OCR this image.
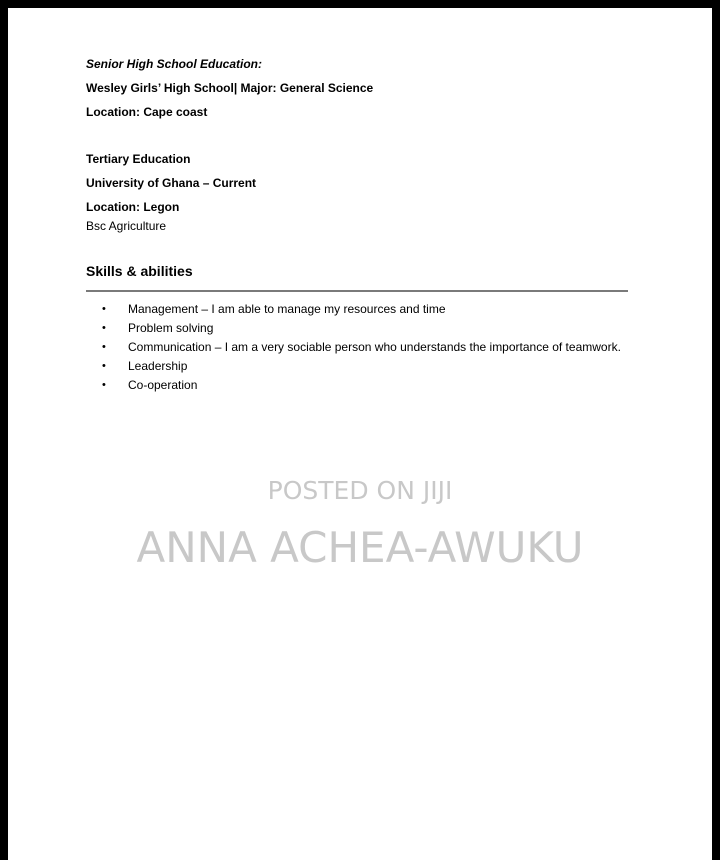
Senior High School Education:
Wesley Girls’ High School| Major: General Science
Location: Cape coast
Tertiary Education
University of Ghana – Current
Location: Legon
Bsc Agriculture
Skills & abilities
• Management – I am able to manage my resources and time
• Problem solving
• Communication – I am a very sociable person who understands the importance of teamwork.
• Leadership
• Co-operation
POSTED ON JIJI
ANNA ACHEA-AWUKU
